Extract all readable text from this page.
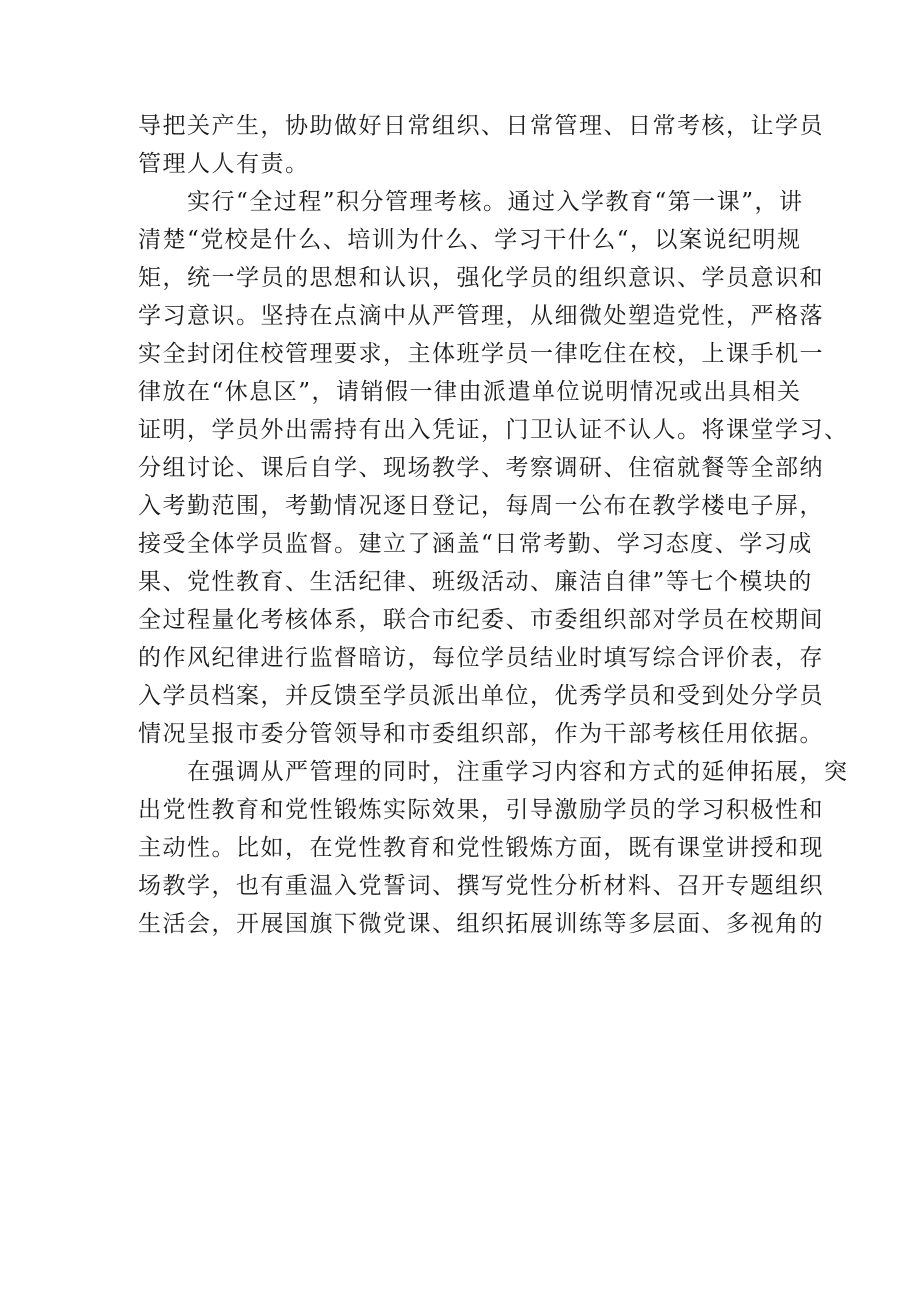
导把关产生，协助做好日常组织、日常管理、日常考核，让学员
管理人人有责。
　　实行“全过程”积分管理考核。通过入学教育“第一课”，讲
清楚“党校是什么、培训为什么、学习干什么“，以案说纪明规
矩，统一学员的思想和认识，强化学员的组织意识、学员意识和
学习意识。坚持在点滴中从严管理，从细微处塑造党性，严格落
实全封闭住校管理要求，主体班学员一律吃住在校，上课手机一
律放在“休息区”，请销假一律由派遣单位说明情况或出具相关
证明，学员外出需持有出入凭证，门卫认证不认人。将课堂学习、
分组讨论、课后自学、现场教学、考察调研、住宿就餐等全部纳
入考勤范围，考勤情况逐日登记，每周一公布在教学楼电子屏，
接受全体学员监督。建立了涵盖“日常考勤、学习态度、学习成
果、党性教育、生活纪律、班级活动、廉洁自律”等七个模块的
全过程量化考核体系，联合市纪委、市委组织部对学员在校期间
的作风纪律进行监督暗访，每位学员结业时填写综合评价表，存
入学员档案，并反馈至学员派出单位，优秀学员和受到处分学员
情况呈报市委分管领导和市委组织部，作为干部考核任用依据。
　　在强调从严管理的同时，注重学习内容和方式的延伸拓展，突
出党性教育和党性锻炼实际效果，引导激励学员的学习积极性和
主动性。比如，在党性教育和党性锻炼方面，既有课堂讲授和现
场教学，也有重温入党誓词、撰写党性分析材料、召开专题组织
生活会，开展国旗下微党课、组织拓展训练等多层面、多视角的
